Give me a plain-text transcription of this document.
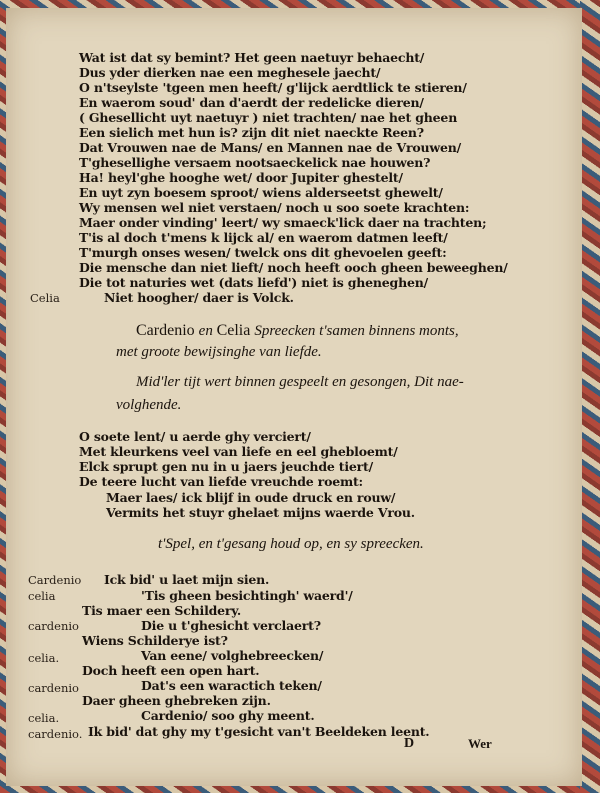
Wat ist dat sy bemint? Het geen naetuyr behaecht/
Dus yder dierken nae een meghesele jaecht/
O n'tseylste 'tgeen men heeft/ g'lijck aerdtlick te stieren/
En waerom soud' dan d'aerdt der redelicke dieren/
( Ghesellicht uyt naetuyr ) niet trachten/ nae het gheen
Een sielich met hun is? zijn dit niet naeckte Reen?
Dat Vrouwen nae de Mans/ en Mannen nae de Vrouwen/
T'ghesellighe versaem nootsaeckelick nae houwen?
Ha! heyl'ghe hooghe wet/ door Jupiter ghestelt/
En uyt zyn boesem sproot/ wiens alderseetst ghewelt/
Wy mensen wel niet verstaen/ noch u soo soete krachten:
Maer onder vinding' leert/ wy smaeck'lick daer na trachten;
T'is al doch t'mens k lijck al/ en waerom datmen leeft/
T'murgh onses wesen/ twelck ons dit ghevoelen geeft:
Die mensche dan niet lieft/ noch heeft ooch gheen beweeghen/
Die tot naturies wet (dats liefd') niet is gheneghen/
Celia	Niet hoogher/ daer is Volck.
Cardenio en Celia Spreecken t'samen binnens monts,
met groote bewijsinghe van liefde.
Mid'ler tijt wert binnen gespeelt en gesongen, Dit nae-
volghende.
O soete lent/ u aerde ghy verciert/
Met kleurkens veel van liefe en eel ghebloemt/
Elck sprupt gen nu in u jaers jeuchde tiert/
De teere lucht van liefde vreuchde roemt:
Maer laes/ ick blijf in oude druck en rouw/
Vermits het stuyr ghelaet mijns waerde Vrou.
t'Spel, en t'gesang houd op, en sy spreecken.
Cardenio Ick bid' u laet mijn sien.
celia	'Tis gheen besichtingh' waerd'/
Tis maer een Schildery.
cardenio	Die u t'ghesicht verclaert?
Wiens Schilderye ist?
celia.	Van eene/ volghebreecken/
Doch heeft een open hart.
cardenio	Dat's een waractich teken/
Daer gheen ghebreken zijn.
celia.	Cardenio/ soo ghy meent.
cardenio. Ik bid' dat ghy my t'gesicht van't Beeldeken leent.
D	Wer
